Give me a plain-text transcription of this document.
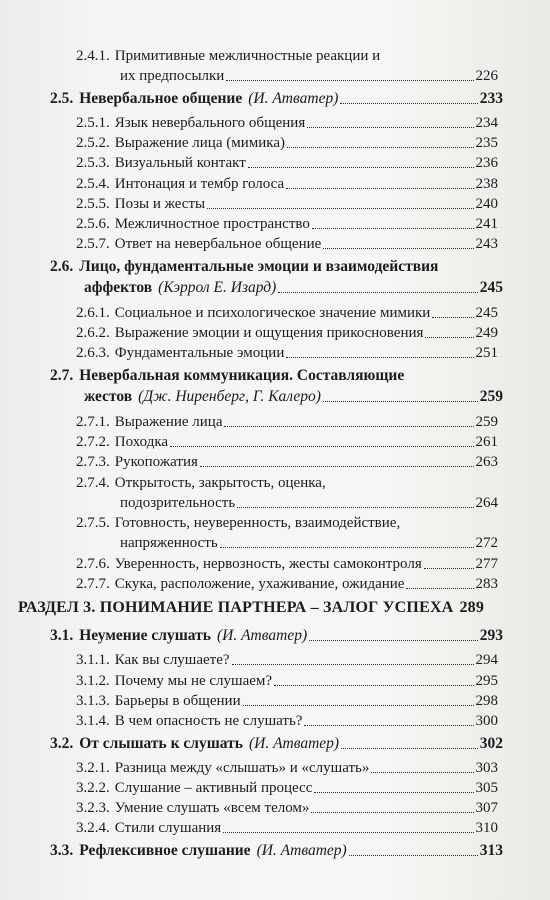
2.4.1. Примитивные межличностные реакции и
их предпосылки	226
2.5. Невербальное общение (И. Атватер)	233
2.5.1. Язык невербального общения	234
2.5.2. Выражение лица (мимика)	235
2.5.3. Визуальный контакт	236
2.5.4. Интонация и тембр голоса	238
2.5.5. Позы и жесты	240
2.5.6. Межличностное пространство	241
2.5.7. Ответ на невербальное общение	243
2.6. Лицо, фундаментальные эмоции и взаимодействия
аффектов (Кэррол Е. Изард)	245
2.6.1. Социальное и психологическое значение мимики	245
2.6.2. Выражение эмоции и ощущения прикосновения	249
2.6.3. Фундаментальные эмоции	251
2.7. Невербальная коммуникация. Составляющие
жестов (Дж. Ниренберг, Г. Калеро)	259
2.7.1. Выражение лица	259
2.7.2. Походка	261
2.7.3. Рукопожатия	263
2.7.4. Открытость, закрытость, оценка,
подозрительность	264
2.7.5. Готовность, неуверенность, взаимодействие,
напряженность	272
2.7.6. Уверенность, нервозность, жесты самоконтроля	277
2.7.7. Скука, расположение, ухаживание, ожидание	283
РАЗДЕЛ 3. ПОНИМАНИЕ ПАРТНЕРА – ЗАЛОГ УСПЕХА 289
3.1. Неумение слушать (И. Атватер)	293
3.1.1. Как вы слушаете?	294
3.1.2. Почему мы не слушаем?	295
3.1.3. Барьеры в общении	298
3.1.4. В чем опасность не слушать?	300
3.2. От слышать к слушать (И. Атватер)	302
3.2.1. Разница между «слышать» и «слушать»	303
3.2.2. Слушание – активный процесс	305
3.2.3. Умение слушать «всем телом»	307
3.2.4. Стили слушания	310
3.3. Рефлексивное слушание (И. Атватер)	313
